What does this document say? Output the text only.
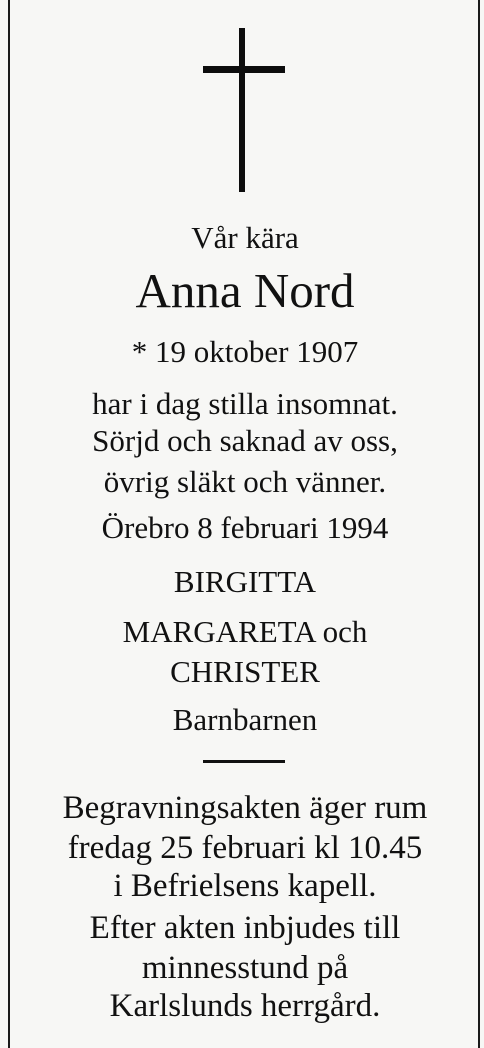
Vår kära
Anna Nord
* 19 oktober 1907
har i dag stilla insomnat.
Sörjd och saknad av oss,
övrig släkt och vänner.
Örebro 8 februari 1994
BIRGITTA
MARGARETA och
CHRISTER
Barnbarnen
Begravningsakten äger rum
fredag 25 februari kl 10.45
i Befrielsens kapell.
Efter akten inbjudes till
minnesstund på
Karlslunds herrgård.
